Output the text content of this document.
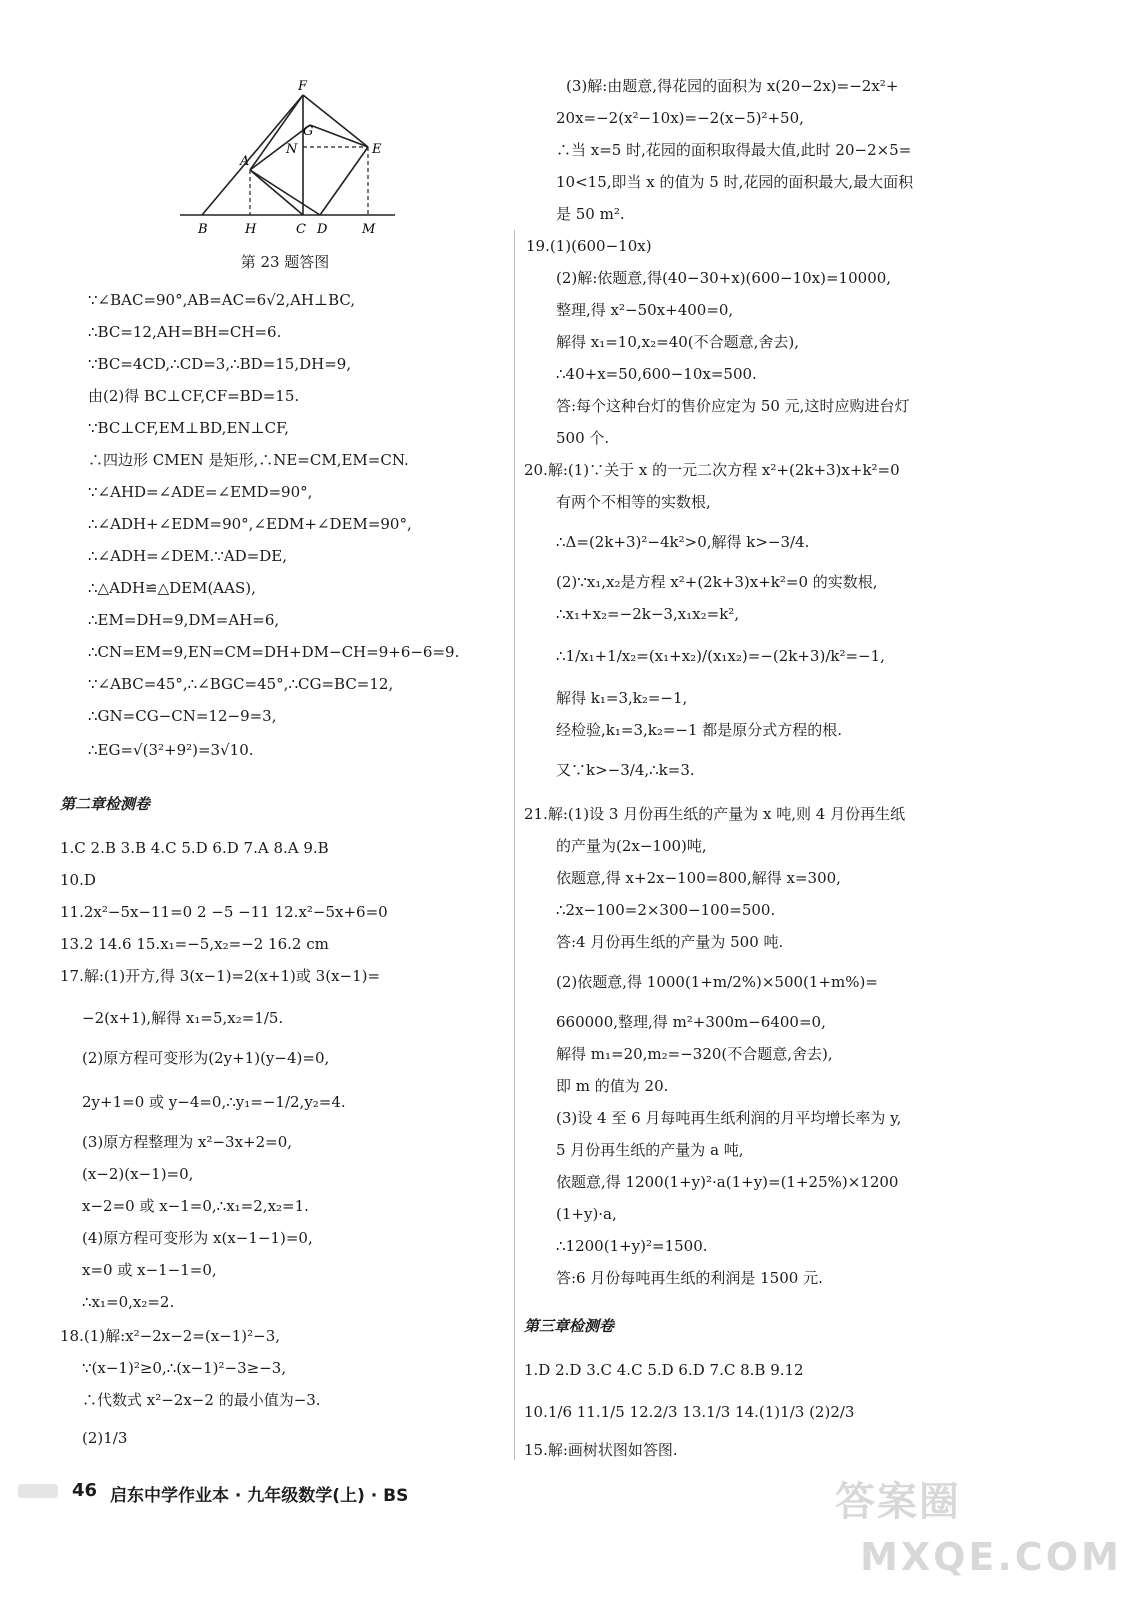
F
G
N
A
E
B	H	C D	M
第 23 题答图
∵∠BAC=90°,AB=AC=6√2,AH⊥BC,
∴BC=12,AH=BH=CH=6.
∵BC=4CD,∴CD=3,∴BD=15,DH=9,
由(2)得 BC⊥CF,CF=BD=15.
∵BC⊥CF,EM⊥BD,EN⊥CF,
∴四边形 CMEN 是矩形,∴NE=CM,EM=CN.
∵∠AHD=∠ADE=∠EMD=90°,
∴∠ADH+∠EDM=90°,∠EDM+∠DEM=90°,
∴∠ADH=∠DEM.∵AD=DE,
∴△ADH≌△DEM(AAS),
∴EM=DH=9,DM=AH=6,
∴CN=EM=9,EN=CM=DH+DM−CH=9+6−6=9.
∵∠ABC=45°,∴∠BGC=45°,∴CG=BC=12,
∴GN=CG−CN=12−9=3,
∴EG=√(3²+9²)=3√10.
第二章检测卷
1.C 2.B 3.B 4.C 5.D 6.D 7.A 8.A 9.B
10.D
11.2x²−5x−11=0 2 −5 −11 12.x²−5x+6=0
13.2 14.6 15.x₁=−5,x₂=−2 16.2 cm
17.解:(1)开方,得 3(x−1)=2(x+1)或 3(x−1)=
−2(x+1),解得 x₁=5,x₂=1/5.
(2)原方程可变形为(2y+1)(y−4)=0,
2y+1=0 或 y−4=0,∴y₁=−1/2,y₂=4.
(3)原方程整理为 x²−3x+2=0,
(x−2)(x−1)=0,
x−2=0 或 x−1=0,∴x₁=2,x₂=1.
(4)原方程可变形为 x(x−1−1)=0,
x=0 或 x−1−1=0,
∴x₁=0,x₂=2.
18.(1)解:x²−2x−2=(x−1)²−3,
∵(x−1)²≥0,∴(x−1)²−3≥−3,
∴代数式 x²−2x−2 的最小值为−3.
(2)1/3
(3)解:由题意,得花园的面积为 x(20−2x)=−2x²+
20x=−2(x²−10x)=−2(x−5)²+50,
∴当 x=5 时,花园的面积取得最大值,此时 20−2×5=
10<15,即当 x 的值为 5 时,花园的面积最大,最大面积
是 50 m².
19.(1)(600−10x)
(2)解:依题意,得(40−30+x)(600−10x)=10000,
整理,得 x²−50x+400=0,
解得 x₁=10,x₂=40(不合题意,舍去),
∴40+x=50,600−10x=500.
答:每个这种台灯的售价应定为 50 元,这时应购进台灯
500 个.
20.解:(1)∵关于 x 的一元二次方程 x²+(2k+3)x+k²=0
有两个不相等的实数根,
∴Δ=(2k+3)²−4k²>0,解得 k>−3/4.
(2)∵x₁,x₂是方程 x²+(2k+3)x+k²=0 的实数根,
∴x₁+x₂=−2k−3,x₁x₂=k²,
∴1/x₁+1/x₂=(x₁+x₂)/(x₁x₂)=−(2k+3)/k²=−1,
解得 k₁=3,k₂=−1,
经检验,k₁=3,k₂=−1 都是原分式方程的根.
又∵k>−3/4,∴k=3.
21.解:(1)设 3 月份再生纸的产量为 x 吨,则 4 月份再生纸
的产量为(2x−100)吨,
依题意,得 x+2x−100=800,解得 x=300,
∴2x−100=2×300−100=500.
答:4 月份再生纸的产量为 500 吨.
(2)依题意,得 1000(1+m/2%)×500(1+m%)=
660000,整理,得 m²+300m−6400=0,
解得 m₁=20,m₂=−320(不合题意,舍去),
即 m 的值为 20.
(3)设 4 至 6 月每吨再生纸利润的月平均增长率为 y,
5 月份再生纸的产量为 a 吨,
依题意,得 1200(1+y)²·a(1+y)=(1+25%)×1200
(1+y)·a,
∴1200(1+y)²=1500.
答:6 月份每吨再生纸的利润是 1500 元.
第三章检测卷
1.D 2.D 3.C 4.C 5.D 6.D 7.C 8.B 9.12
10.1/6 11.1/5 12.2/3 13.1/3 14.(1)1/3 (2)2/3
15.解:画树状图如答图.
46 启东中学作业本 · 九年级数学(上) · BS	答案圈
MXQE.COM
